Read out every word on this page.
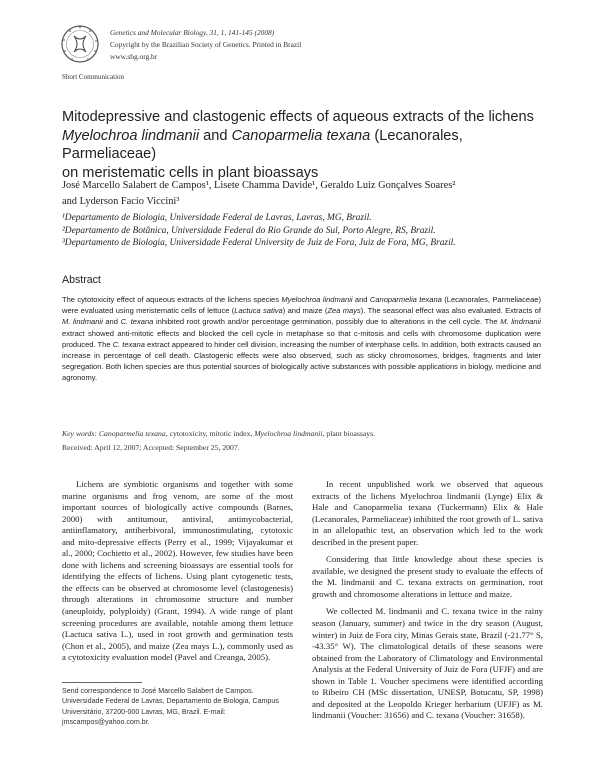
Genetics and Molecular Biology, 31, 1, 141-145 (2008)
Copyright by the Brazilian Society of Genetics. Printed in Brazil
www.sbg.org.br
Short Communication
Mitodepressive and clastogenic effects of aqueous extracts of the lichens
Myelochroa lindmanii and Canoparmelia texana (Lecanorales, Parmeliaceae)
on meristematic cells in plant bioassays
José Marcello Salabert de Campos¹, Lisete Chamma Davide¹, Geraldo Luiz Gonçalves Soares²
and Lyderson Facio Viccini³
¹Departamento de Biologia, Universidade Federal de Lavras, Lavras, MG, Brazil.
²Departamento de Botânica, Universidade Federal do Rio Grande do Sul, Porto Alegre, RS, Brazil.
³Departamento de Biologia, Universidade Federal University de Juiz de Fora, Juiz de Fora, MG, Brazil.
Abstract

The cytotoxicity effect of aqueous extracts of the lichens species Myelochroa lindmanii and Canoparmelia texana (Lecanorales, Parmeliaceae) were evaluated using meristematic cells of lettuce (Lactuca sativa) and maize (Zea mays). The seasonal effect was also evaluated. Extracts of M. lindmanii and C. texana inhibited root growth and/or percentage germination, possibly due to alterations in the cell cycle. The M. lindmanii extract showed anti-mitotic effects and blocked the cell cycle in metaphase so that c-mitosis and cells with chromosome duplication were produced. The C. texana extract appeared to hinder cell division, increasing the number of interphase cells. In addition, both extracts caused an increase in percentage of cell death. Clastogenic effects were also observed, such as sticky chromosomes, bridges, fragments and later segregation. Both lichen species are thus potential sources of biologically active substances with possible applications in biology, medicine and agronomy.

Key words: Canoparmelia texana, cytotoxicity, mitotic index, Myelochroa lindmanii, plant bioassays.
Received: April 12, 2007; Accepted: September 25, 2007.

Lichens are symbiotic organisms and together with some marine organisms and frog venom, are some of the most important sources of biologically active compounds (Barnes, 2000) with antitumour, antiviral, antimycobacterial, antiinflamatory, antiherbivoral, immunostimulating, cytotoxic and mito-depressive effects (Perry et al., 1999; Vijayakumar et al., 2000; Cochietto et al., 2002). However, few studies have been done with lichens and screening bioassays are essential tools for identifying the effects of lichens. Using plant cytogenetic tests, the effects can be observed at chromosome level (clastogenesis) through alterations in chromosome structure and number (aneuploidy, polyploidy) (Grant, 1994). A wide range of plant screening procedures are available, notable among them lettuce (Lactuca sativa L.), used in root growth and germination tests (Chon et al., 2005), and maize (Zea mays L.), commonly used as a cytotoxicity evaluation model (Pavel and Creanga, 2005).

Send correspondence to José Marcello Salabert de Campos. Universidade Federal de Lavras, Departamento de Biologia, Campus Universitário, 37200-000 Lavras, MG, Brazil. E-mail: jmscampos@yahoo.com.br.

In recent unpublished work we observed that aqueous extracts of the lichens Myelochroa lindmanii (Lynge) Elix & Hale and Canoparmelia texana (Tuckermann) Elix & Hale (Lecanorales, Parmeliaceae) inhibited the root growth of L. sativa in an allelopathic test, an observation which led to the work described in the present paper.

Considering that little knowledge about these species is available, we designed the present study to evaluate the effects of the M. lindmanii and C. texana extracts on germination, root growth and chromosome alterations in lettuce and maize.

We collected M. lindmanii and C. texana twice in the rainy season (January, summer) and twice in the dry season (August, winter) in Juiz de Fora city, Minas Gerais state, Brazil (-21.77° S, -43.35° W). The climatological details of these seasons were obtained from the Laboratory of Climatology and Environmental Analysis at the Federal University of Juiz de Fora (UFJF) and are shown in Table 1. Voucher specimens were identified according to Ribeiro CH (MSc dissertation, UNESP, Botucatu, SP, 1998) and deposited at the Leopoldo Krieger herbarium (UFJF) as M. lindmanii (Voucher: 31656) and C. texana (Voucher: 31658).
